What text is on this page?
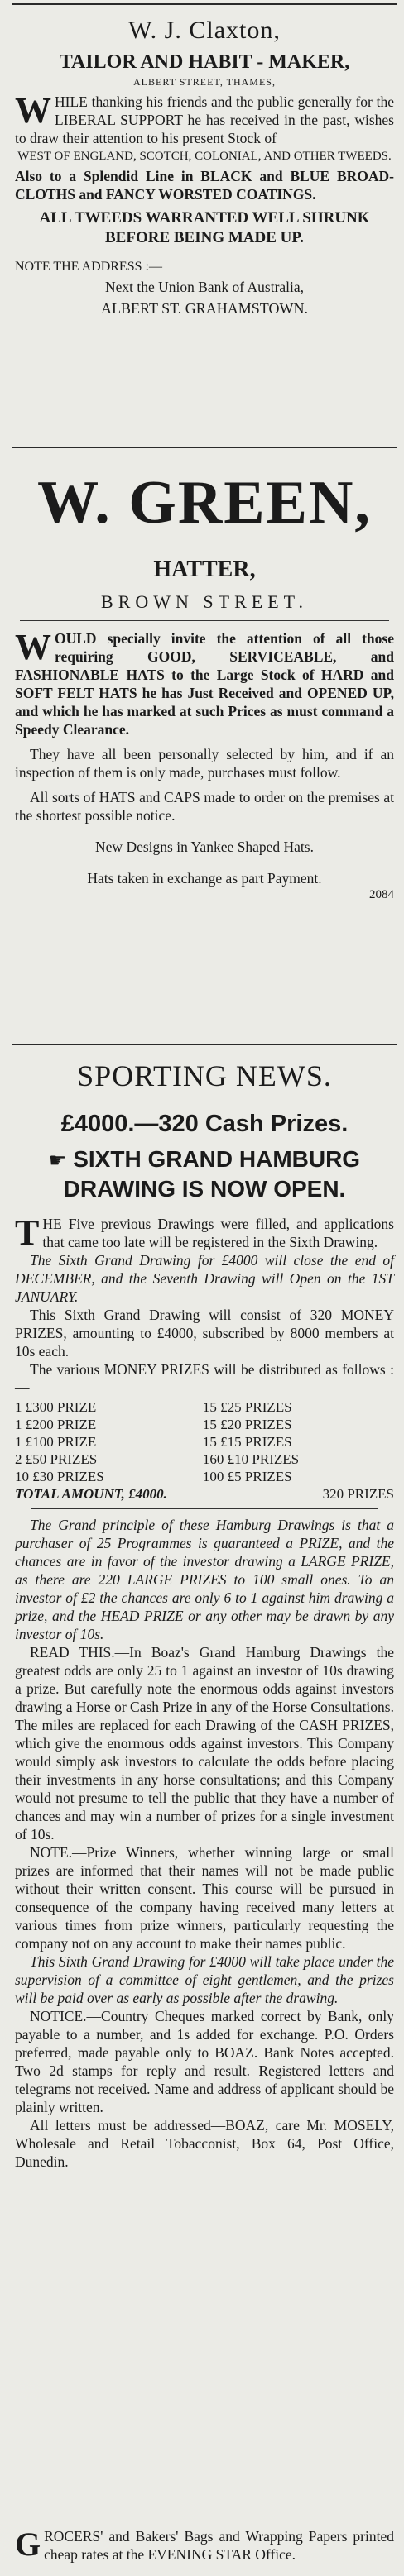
W. J. Claxton,
TAILOR AND HABIT - MAKER,
ALBERT STREET, THAMES,

WHILE thanking his friends and the public generally for the LIBERAL SUPPORT he has received in the past, wishes to draw their attention to his present Stock of

WEST OF ENGLAND, SCOTCH, COLONIAL, AND OTHER TWEEDS.

Also to a Splendid Line in BLACK and BLUE BROAD-CLOTHS and FANCY WORSTED COATINGS.

ALL TWEEDS WARRANTED WELL SHRUNK BEFORE BEING MADE UP.

NOTE THE ADDRESS :—

Next the Union Bank of Australia,

ALBERT ST. GRAHAMSTOWN.

W. GREEN,
HATTER,
BROWN STREET.

WOULD specially invite the attention of all those requiring GOOD, SERVICEABLE, and FASHIONABLE HATS to the Large Stock of HARD and SOFT FELT HATS he has Just Received and OPENED UP, and which he has marked at such Prices as must command a Speedy Clearance.

They have all been personally selected by him, and if an inspection of them is only made, purchases must follow.

All sorts of HATS and CAPS made to order on the premises at the shortest possible notice.

New Designs in Yankee Shaped Hats.

Hats taken in exchange as part Payment.

2084

SPORTING NEWS.
£4000.—320 Cash Prizes.
☛ SIXTH GRAND HAMBURG
DRAWING IS NOW OPEN.

THE Five previous Drawings were filled, and applications that came too late will be registered in the Sixth Drawing.

The Sixth Grand Drawing for £4000 will close the end of DECEMBER, and the Seventh Drawing will Open on the 1ST JANUARY.

This Sixth Grand Drawing will consist of 320 MONEY PRIZES, amounting to £4000, subscribed by 8000 members at 10s each.

The various MONEY PRIZES will be distributed as follows :—

1 £300 PRIZE	15 £25 PRIZES
1 £200 PRIZE	15 £20 PRIZES
1 £100 PRIZE	15 £15 PRIZES
2 £50 PRIZES	160 £10 PRIZES
10 £30 PRIZES	100 £5 PRIZES
TOTAL AMOUNT, £4000.	320 PRIZES

The Grand principle of these Hamburg Drawings is that a purchaser of 25 Programmes is guaranteed a PRIZE, and the chances are in favor of the investor drawing a LARGE PRIZE, as there are 220 LARGE PRIZES to 100 small ones. To an investor of £2 the chances are only 6 to 1 against him drawing a prize, and the HEAD PRIZE or any other may be drawn by any investor of 10s.

READ THIS.—In Boaz's Grand Hamburg Drawings the greatest odds are only 25 to 1 against an investor of 10s drawing a prize. But carefully note the enormous odds against investors drawing a Horse or Cash Prize in any of the Horse Consultations. The miles are replaced for each Drawing of the CASH PRIZES, which give the enormous odds against investors. This Company would simply ask investors to calculate the odds before placing their investments in any horse consultations; and this Company would not presume to tell the public that they have a number of chances and may win a number of prizes for a single investment of 10s.

NOTE.—Prize Winners, whether winning large or small prizes are informed that their names will not be made public without their written consent. This course will be pursued in consequence of the company having received many letters at various times from prize winners, particularly requesting the company not on any account to make their names public.

This Sixth Grand Drawing for £4000 will take place under the supervision of a committee of eight gentlemen, and the prizes will be paid over as early as possible after the drawing.

NOTICE.—Country Cheques marked correct by Bank, only payable to a number, and 1s added for exchange. P.O. Orders preferred, made payable only to BOAZ. Bank Notes accepted. Two 2d stamps for reply and result. Registered letters and telegrams not received. Name and address of applicant should be plainly written.

All letters must be addressed—BOAZ, care Mr. MOSELY, Wholesale and Retail Tobacconist, Box 64, Post Office, Dunedin.

GROCERS' and Bakers' Bags and Wrapping Papers printed cheap rates at the EVENING STAR Office.
